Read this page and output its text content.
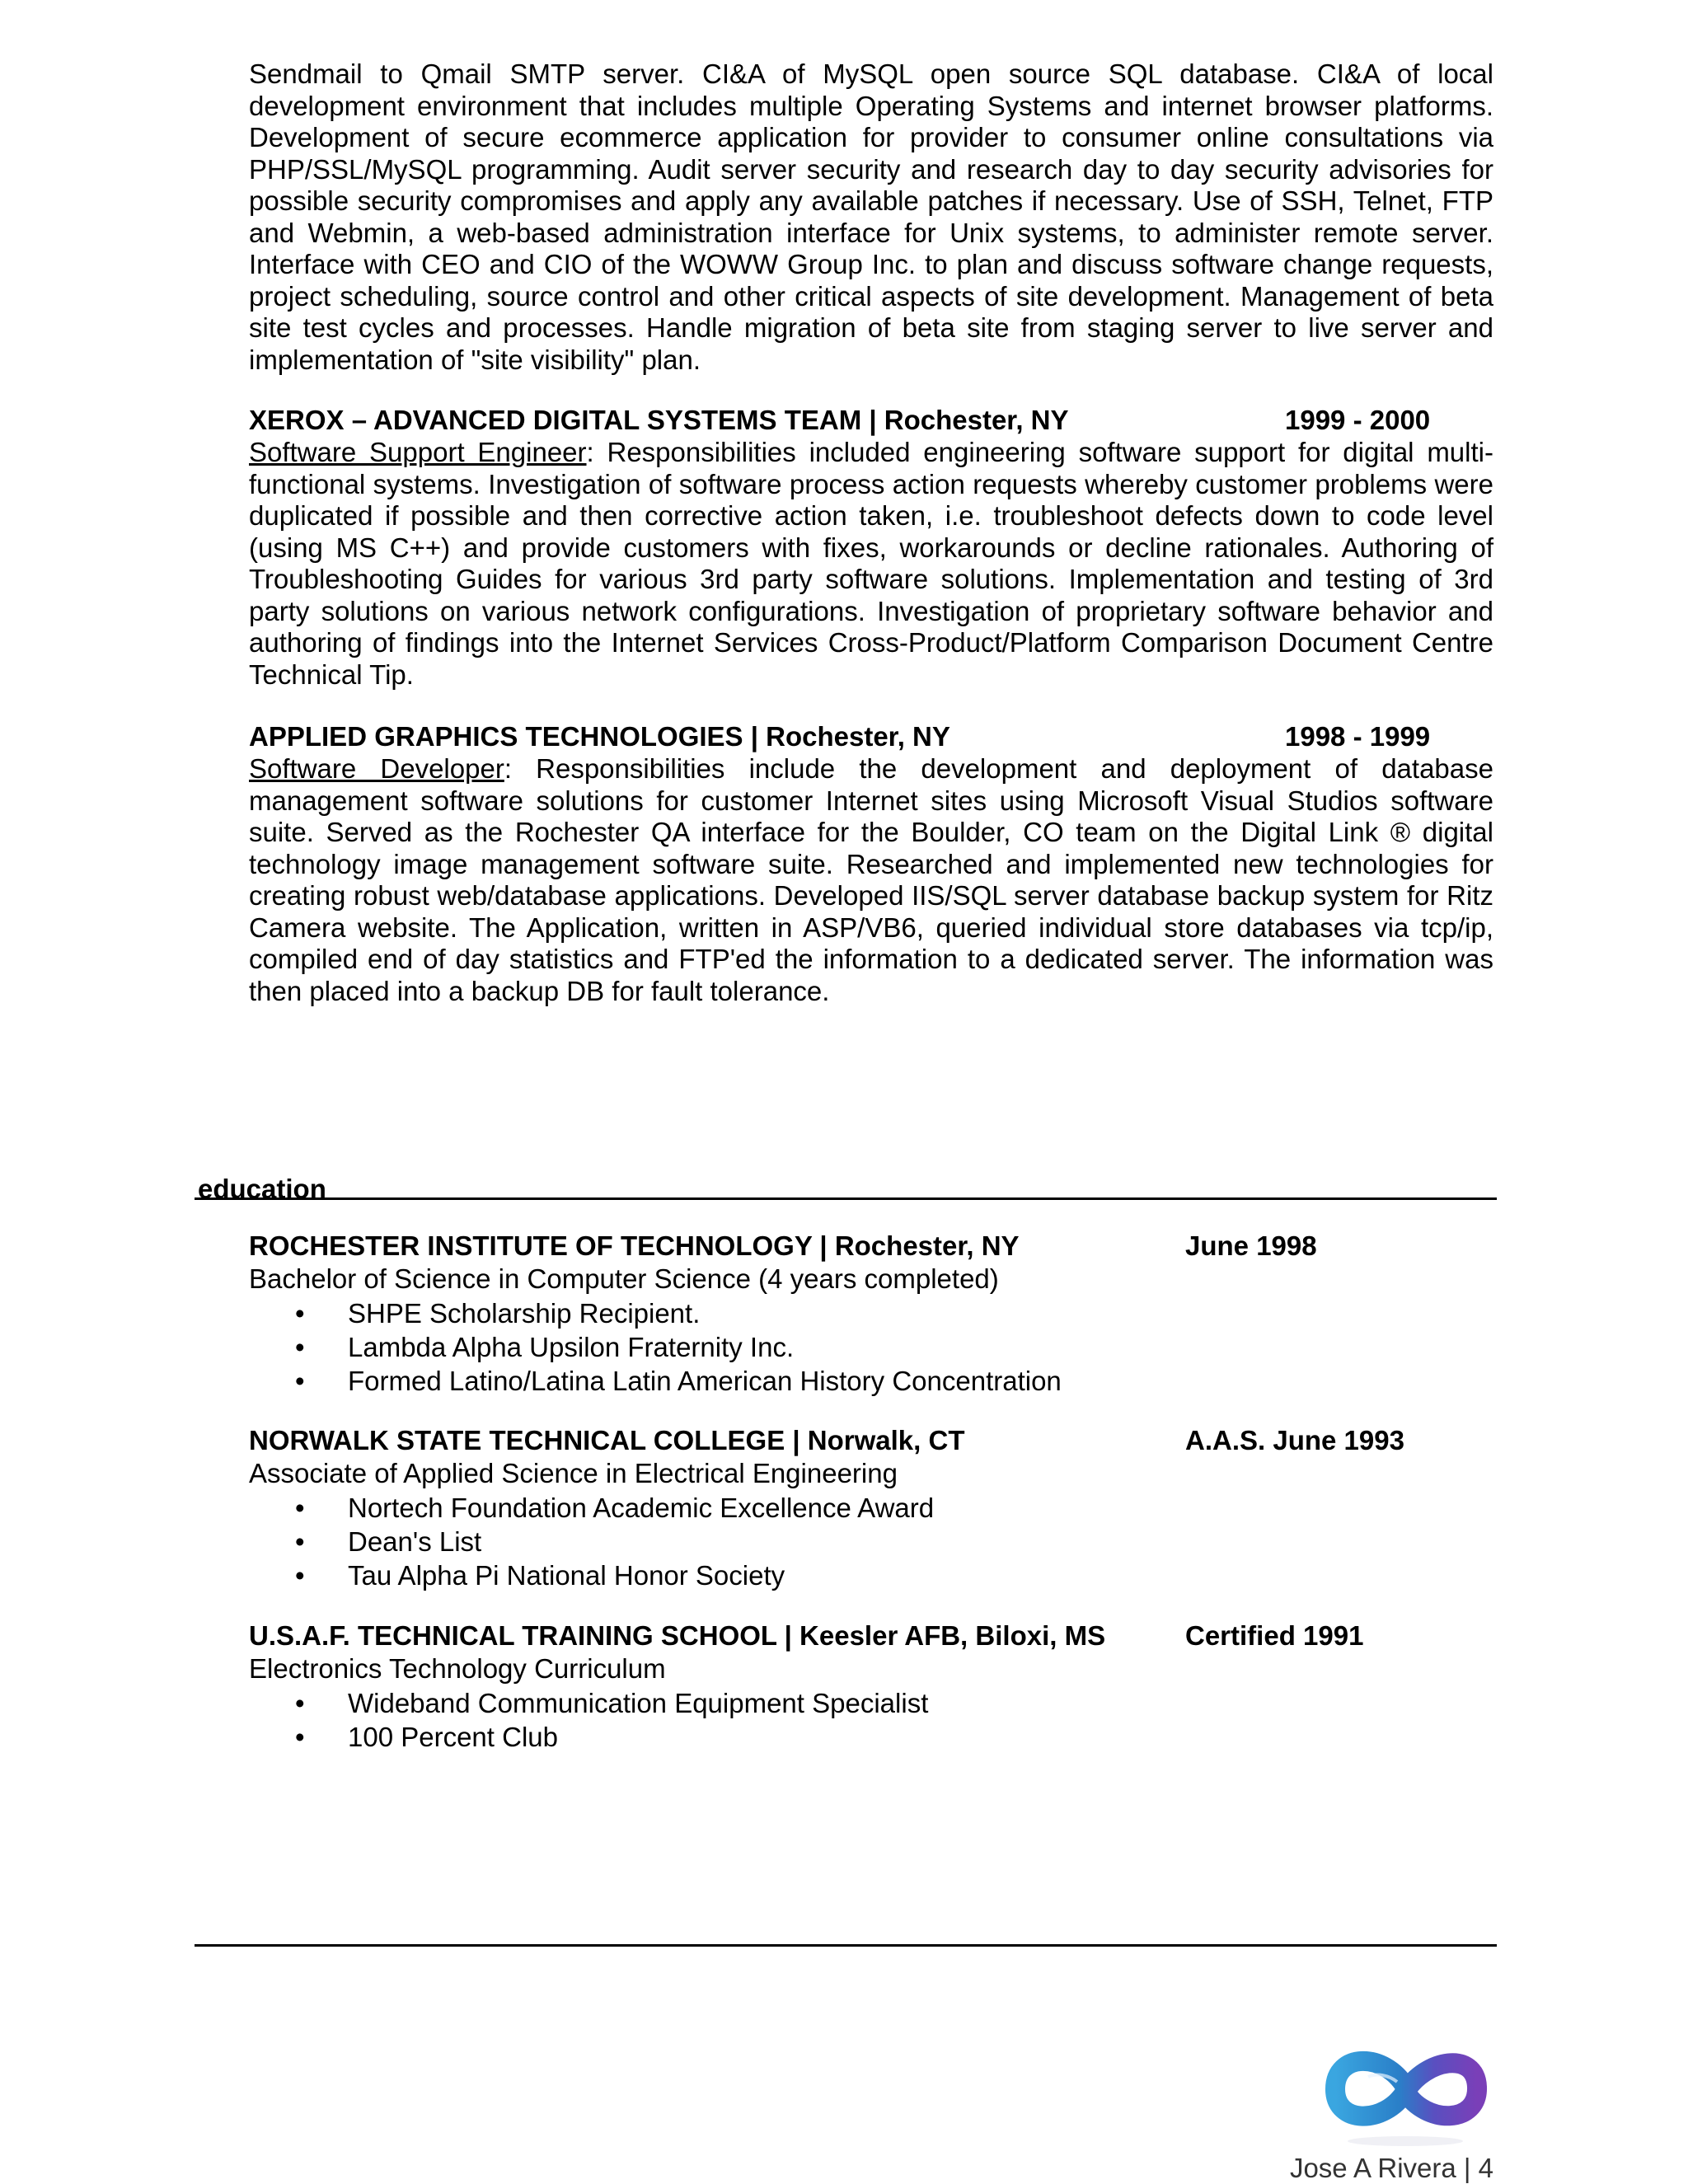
Sendmail to Qmail SMTP server. CI&A of MySQL open source SQL database. CI&A of local development environment that includes multiple Operating Systems and internet browser platforms. Development of secure ecommerce application for provider to consumer online consultations via PHP/SSL/MySQL programming. Audit server security and research day to day security advisories for possible security compromises and apply any available patches if necessary. Use of SSH, Telnet, FTP and Webmin, a web-based administration interface for Unix systems, to administer remote server. Interface with CEO and CIO of the WOWW Group Inc. to plan and discuss software change requests, project scheduling, source control and other critical aspects of site development. Management of beta site test cycles and processes. Handle migration of beta site from staging server to live server and implementation of "site visibility" plan.

XEROX – ADVANCED DIGITAL SYSTEMS TEAM | Rochester, NY	1999 - 2000

Software Support Engineer: Responsibilities included engineering software support for digital multi-functional systems. Investigation of software process action requests whereby customer problems were duplicated if possible and then corrective action taken, i.e. troubleshoot defects down to code level (using MS C++) and provide customers with fixes, workarounds or decline rationales. Authoring of Troubleshooting Guides for various 3rd party software solutions. Implementation and testing of 3rd party solutions on various network configurations. Investigation of proprietary software behavior and authoring of findings into the Internet Services Cross-Product/Platform Comparison Document Centre Technical Tip.

APPLIED GRAPHICS TECHNOLOGIES | Rochester, NY	1998 - 1999

Software Developer: Responsibilities include the development and deployment of database management software solutions for customer Internet sites using Microsoft Visual Studios software suite. Served as the Rochester QA interface for the Boulder, CO team on the Digital Link ® digital technology image management software suite. Researched and implemented new technologies for creating robust web/database applications. Developed IIS/SQL server database backup system for Ritz Camera website. The Application, written in ASP/VB6, queried individual store databases via tcp/ip, compiled end of day statistics and FTP'ed the information to a dedicated server. The information was then placed into a backup DB for fault tolerance.

education
ROCHESTER INSTITUTE OF TECHNOLOGY | Rochester, NY	June 1998
Bachelor of Science in Computer Science (4 years completed)
• SHPE Scholarship Recipient.
• Lambda Alpha Upsilon Fraternity Inc.
• Formed Latino/Latina Latin American History Concentration
NORWALK STATE TECHNICAL COLLEGE | Norwalk, CT	A.A.S. June 1993
Associate of Applied Science in Electrical Engineering
• Nortech Foundation Academic Excellence Award
• Dean's List
• Tau Alpha Pi National Honor Society
U.S.A.F. TECHNICAL TRAINING SCHOOL | Keesler AFB, Biloxi, MS	Certified 1991
Electronics Technology Curriculum
• Wideband Communication Equipment Specialist
• 100 Percent Club
Jose A Rivera | 4
